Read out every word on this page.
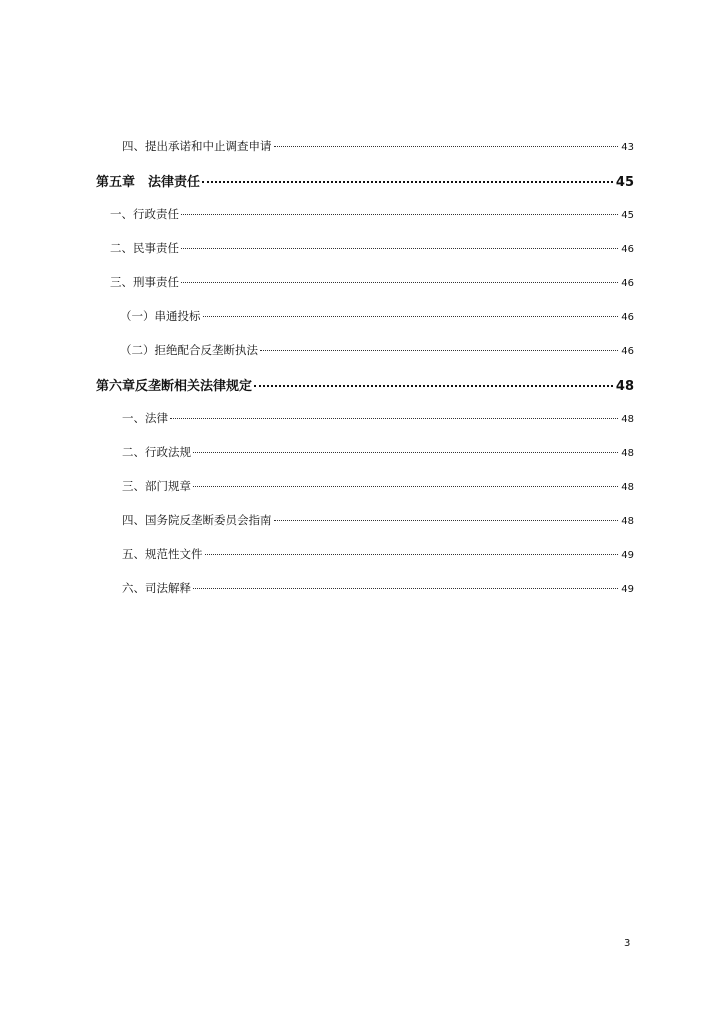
四、提出承诺和中止调查申请	43
第五章　法律责任	45
一、行政责任	45
二、民事责任	46
三、刑事责任	46
（一）串通投标	46
（二）拒绝配合反垄断执法	46
第六章反垄断相关法律规定	48
一、法律	48
二、行政法规	48
三、部门规章	48
四、国务院反垄断委员会指南	48
五、规范性文件	49
六、司法解释	49
3
